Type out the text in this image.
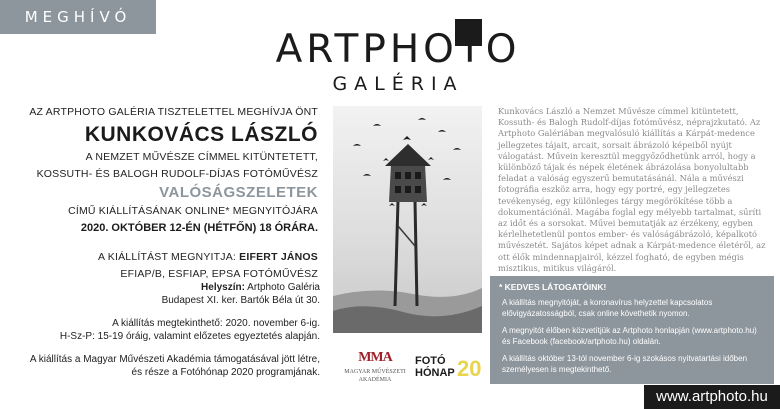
MEGHÍVÓ
ARTPHOTO
GALÉRIA
AZ ARTPHOTO GALÉRIA TISZTELETTEL MEGHÍVJA ÖNT
KUNKOVÁCS LÁSZLÓ
A NEMZET MŰVÉSZE CÍMMEL KITÜNTETETT,
KOSSUTH- ÉS BALOGH RUDOLF-DÍJAS FOTÓMŰVÉSZ
VALÓSÁGSZELETEK
CÍMŰ KIÁLLÍTÁSÁNAK ONLINE* MEGNYITÓJÁRA
2020. OKTÓBER 12-ÉN (HÉTFŐN) 18 ÓRÁRA.
A KIÁLLÍTÁST MEGNYITJA: EIFERT JÁNOS
EFIAP/B, ESFIAP, EPSA FOTÓMŰVÉSZ
Helyszín: Artphoto Galéria
Budapest XI. ker. Bartók Béla út 30.
A kiállítás megtekinthető: 2020. november 6-ig.
H-Sz-P: 15-19 óráig, valamint előzetes egyeztetés alapján.
A kiállítás a Magyar Művészeti Akadémia támogatásával jött létre,
és része a Fotóhónap 2020 programjának.

Kunkovács László a Nemzet Művésze címmel kitüntetett, Kossuth- és Balogh Rudolf-díjas fotóművész, néprajzkutató. Az Artphoto Galériában megvalósuló kiállítás a Kárpát-medence jellegzetes tájait, arcait, sorsait ábrázoló képeiből nyújt válogatást. Művein keresztül meggyőződhetünk arról, hogy a különböző tájak és népek életének ábrázolása bonyolultabb feladat a valóság egyszerű bemutatásánál. Nála a művészi fotográfia eszköz arra, hogy egy portré, egy jellegzetes tevékenység, egy különleges tárgy megörökítése több a dokumentációnál. Magába foglal egy mélyebb tartalmat, sűríti az időt és a sorsokat. Művei bemutatják az érzékeny, egyben kérlelhetetlenül pontos ember- és valóságábrázoló, képalkotó művészetét. Sajátos képet adnak a Kárpát-medence életéről, az ott élők mindennapjairól, kézzel fogható, de egyben mégis misztikus, mitikus világáról.

* KEDVES LÁTOGATÓINK!
A kiállítás megnyitóját, a koronavírus helyzettel kapcsolatos elővigyázatosságból, csak online követhetik nyomon.
A megnyitót élőben közvetítjük az Artphoto honlapján (www.artphoto.hu) és Facebook (facebook/artphoto.hu) oldalán.
A kiállítás október 13-tól november 6-ig szokásos nyitvatartási időben személyesen is megtekinthető.
MMA
MAGYAR MŰVÉSZETI
AKADÉMIA
FOTÓ
HÓNAP 20
www.artphoto.hu
